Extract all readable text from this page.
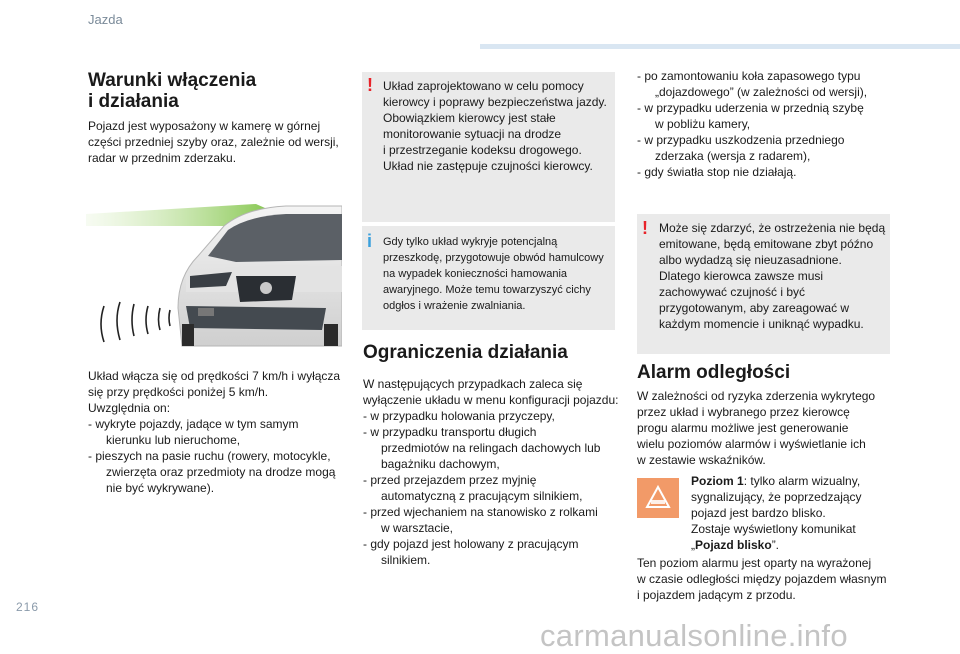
Jazda
Warunki włączenia
i działania
Pojazd jest wyposażony w kamerę w górnej
części przedniej szyby oraz, zależnie od wersji,
radar w przednim zderzaku.
Układ włącza się od prędkości 7 km/h i wyłącza
się przy prędkości poniżej 5 km/h.
Uwzględnia on:
- wykryte pojazdy, jadące w tym samym
kierunku lub nieruchome,
- pieszych na pasie ruchu (rowery, motocykle,
zwierzęta oraz przedmioty na drodze mogą
nie być wykrywane).
! Układ zaprojektowano w celu pomocy
kierowcy i poprawy bezpieczeństwa jazdy.
Obowiązkiem kierowcy jest stałe
monitorowanie sytuacji na drodze
i przestrzeganie kodeksu drogowego.
Układ nie zastępuje czujności kierowcy.
i Gdy tylko układ wykryje potencjalną
przeszkodę, przygotowuje obwód hamulcowy
na wypadek konieczności hamowania
awaryjnego. Może temu towarzyszyć cichy
odgłos i wrażenie zwalniania.
Ograniczenia działania
W następujących przypadkach zaleca się
wyłączenie układu w menu konfiguracji pojazdu:
- w przypadku holowania przyczepy,
- w przypadku transportu długich
przedmiotów na relingach dachowych lub
bagażniku dachowym,
- przed przejazdem przez myjnię
automatyczną z pracującym silnikiem,
- przed wjechaniem na stanowisko z rolkami
w warsztacie,
- gdy pojazd jest holowany z pracującym
silnikiem.
- po zamontowaniu koła zapasowego typu
„dojazdowego” (w zależności od wersji),
- w przypadku uderzenia w przednią szybę
w pobliżu kamery,
- w przypadku uszkodzenia przedniego
zderzaka (wersja z radarem),
- gdy światła stop nie działają.
! Może się zdarzyć, że ostrzeżenia nie będą
emitowane, będą emitowane zbyt późno
albo wydadzą się nieuzasadnione.
Dlatego kierowca zawsze musi
zachowywać czujność i być
przygotowanym, aby zareagować w
każdym momencie i uniknąć wypadku.
Alarm odległości
W zależności od ryzyka zderzenia wykrytego
przez układ i wybranego przez kierowcę
progu alarmu możliwe jest generowanie
wielu poziomów alarmów i wyświetlanie ich
w zestawie wskaźników.
Poziom 1: tylko alarm wizualny,
sygnalizujący, że poprzedzający
pojazd jest bardzo blisko.
Zostaje wyświetlony komunikat
„Pojazd blisko”.
Ten poziom alarmu jest oparty na wyrażonej
w czasie odległości między pojazdem własnym
i pojazdem jadącym z przodu.
216
carmanualsonline.info
